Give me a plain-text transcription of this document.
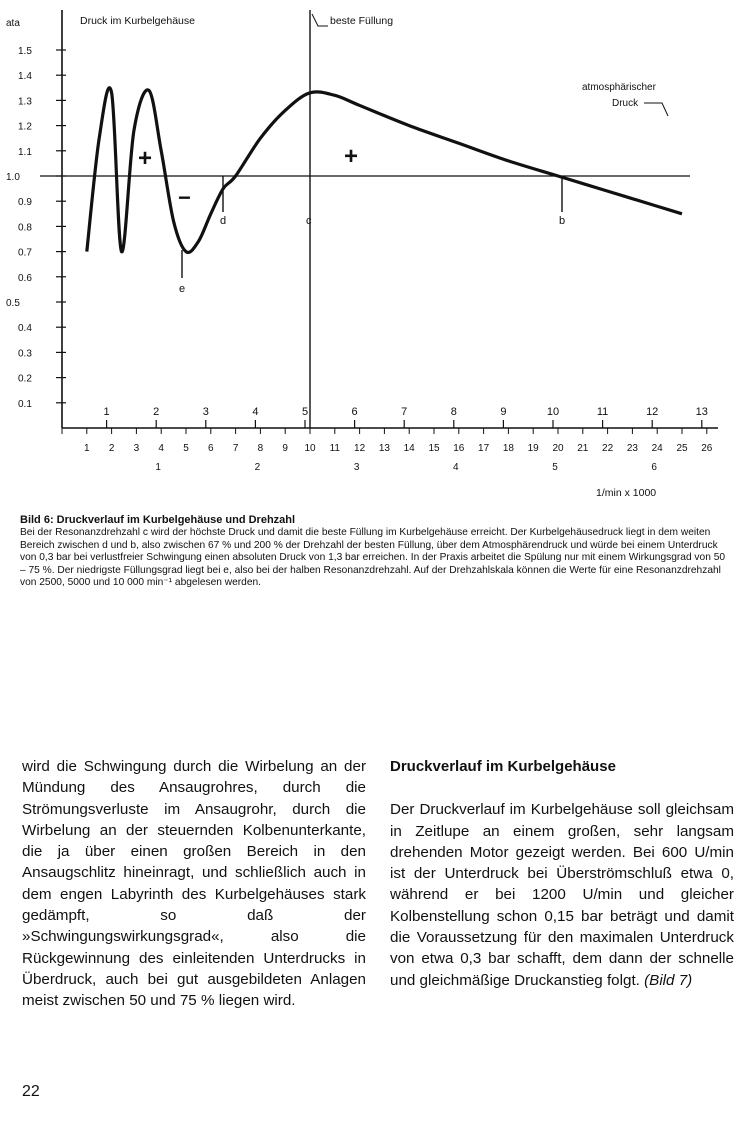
ata
1.5
1.4
1.3
1.2
1.1
1.0
0.9
0.8
0.7
0.6
0.5
0.4
0.3
0.2
0.1
Druck im Kurbelgehäuse	beste Füllung
atmosphärischer
Druck
d	c	b
e
+	+
−
1	2	3	4	5	6	7	8	9	10	11	12	13
1 2 3 4 5 6 7 8 9 10 11 12 13 14 15 16 17 18 19 20 21 22 23 24 25 26
1	2	3	4	5	6
1/min x 1000
Bild 6: Druckverlauf im Kurbelgehäuse und Drehzahl
Bei der Resonanzdrehzahl c wird der höchste Druck und damit die beste Füllung im Kurbelgehäuse erreicht. Der Kurbelgehäusedruck liegt in dem weiten Bereich zwischen d und b, also zwischen 67 % und 200 % der Drehzahl der besten Füllung, über dem Atmosphärendruck und würde bei einem Unterdruck von 0,3 bar bei verlustfreier Schwingung einen absoluten Druck von 1,3 bar erreichen. In der Praxis arbeitet die Spülung nur mit einem Wirkungsgrad von 50 – 75 %. Der niedrigste Füllungsgrad liegt bei e, also bei der halben Resonanzdrehzahl. Auf der Drehzahlskala können die Werte für eine Resonanzdrehzahl von 2500, 5000 und 10 000 min⁻¹ abgelesen werden.
wird die Schwingung durch die Wirbelung an der Mündung des Ansaugrohres, durch die Strömungsverluste im Ansaugrohr, durch die Wirbelung an der steuernden Kolbenunterkante, die ja über einen großen Bereich in den Ansaugschlitz hineinragt, und schließlich auch in dem engen Labyrinth des Kurbelgehäuses stark gedämpft, so daß der »Schwingungswirkungsgrad«, also die Rückgewinnung des einleitenden Unterdrucks in Überdruck, auch bei gut ausgebildeten Anlagen meist zwischen 50 und 75 % liegen wird.
Druckverlauf im Kurbelgehäuse
Der Druckverlauf im Kurbelgehäuse soll gleichsam in Zeitlupe an einem großen, sehr langsam drehenden Motor gezeigt werden. Bei 600 U/min ist der Unterdruck bei Überströmschluß etwa 0, während er bei 1200 U/min und gleicher Kolbenstellung schon 0,15 bar beträgt und damit die Voraussetzung für den maximalen Unterdruck von etwa 0,3 bar schafft, dem dann der schnelle und gleichmäßige Druckanstieg folgt. (Bild 7)
22
